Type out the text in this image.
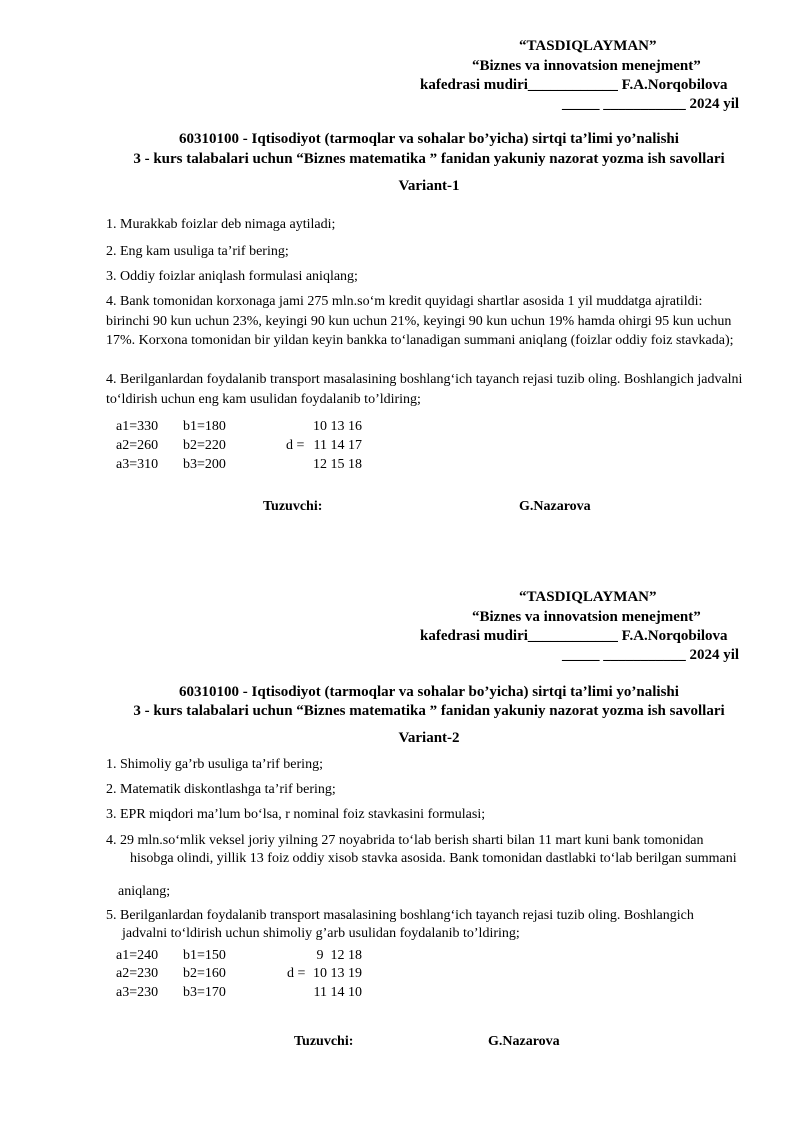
“TASDIQLAYMAN”
“Biznes va innovatsion menejment”
kafedrasi mudiri____________ F.A.Norqobilova
_____ ___________ 2024 yil
60310100 - Iqtisodiyot (tarmoqlar va sohalar bo’yicha) sirtqi ta’limi yo’nalishi
3 - kurs talabalari uchun “Biznes matematika ” fanidan yakuniy nazorat yozma ish savollari
Variant-1
1. Murakkab foizlar deb nimaga aytiladi;
2. Eng kam usuliga ta’rif bering;
3. Oddiy foizlar aniqlash formulasi aniqlang;
4. Bank tomonidan korxonaga jami 275 mln.so‘m kredit quyidagi shartlar asosida 1 yil muddatga ajratildi: birinchi 90 kun uchun 23%, keyingi 90 kun uchun 21%, keyingi 90 kun uchun 19% hamda ohirgi 95 kun uchun 17%. Korxona tomonidan bir yildan keyin bankka to‘lanadigan summani aniqlang (foizlar oddiy foiz stavkada);
4. Berilganlardan foydalanib transport masalasining boshlang‘ich tayanch rejasi tuzib oling. Boshlangich jadvalni to‘ldirish uchun eng kam usulidan foydalanib to’ldiring;
a1=330
a2=260
a3=310
b1=180
b2=220
b3=200
d =
10 13 16
11 14 17
12 15 18
Tuzuvchi:	G.Nazarova
“TASDIQLAYMAN”
“Biznes va innovatsion menejment”
kafedrasi mudiri____________ F.A.Norqobilova
_____ ___________ 2024 yil
60310100 - Iqtisodiyot (tarmoqlar va sohalar bo’yicha) sirtqi ta’limi yo’nalishi
3 - kurs talabalari uchun “Biznes matematika ” fanidan yakuniy nazorat yozma ish savollari
Variant-2
1. Shimoliy ga’rb usuliga ta’rif bering;
2. Matematik diskontlashga ta’rif bering;
3. EPR miqdori ma’lum bo‘lsa, r nominal foiz stavkasini formulasi;
4. 29 mln.so‘mlik veksel joriy yilning 27 noyabrida to‘lab berish sharti bilan 11 mart kuni bank tomonidan
hisobga olindi, yillik 13 foiz oddiy xisob stavka asosida. Bank tomonidan dastlabki to‘lab berilgan summani
aniqlang;
5. Berilganlardan foydalanib transport masalasining boshlang‘ich tayanch rejasi tuzib oling. Boshlangich
jadvalni to‘ldirish uchun shimoliy g’arb usulidan foydalanib to’ldiring;
a1=240
a2=230
a3=230
b1=150
b2=160
b3=170
d =
9  12 18
10 13 19
11 14 10
Tuzuvchi:	G.Nazarova
